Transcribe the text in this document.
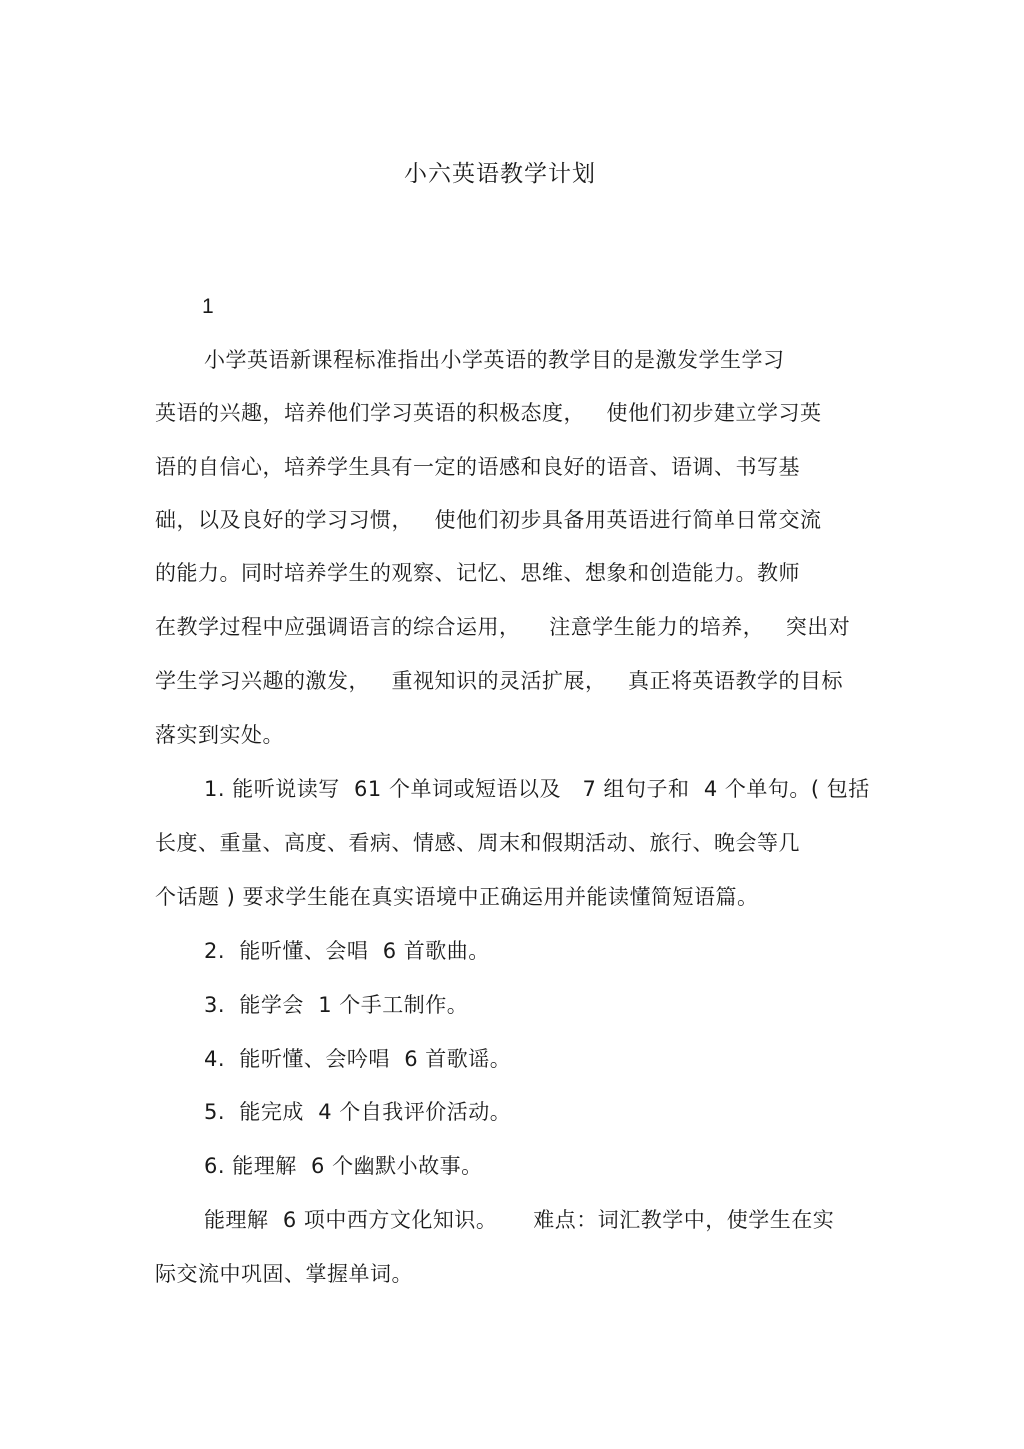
小六英语教学计划

1

小学英语新课程标准指出小学英语的教学目的是激发学生学习

英语的兴趣，培养他们学习英语的积极态度，   使他们初步建立学习英

语的自信心，培养学生具有一定的语感和良好的语音、语调、书写基

础，以及良好的学习习惯，   使他们初步具备用英语进行简单日常交流

的能力。同时培养学生的观察、记忆、思维、想象和创造能力。教师

在教学过程中应强调语言的综合运用，    注意学生能力的培养，   突出对

学生学习兴趣的激发，   重视知识的灵活扩展，   真正将英语教学的目标

落实到实处。

1. 能听说读写  61 个单词或短语以及   7 组句子和  4 个单句。( 包括

长度、重量、高度、看病、情感、周末和假期活动、旅行、晚会等几

个话题 ) 要求学生能在真实语境中正确运用并能读懂简短语篇。

2.  能听懂、会唱  6 首歌曲。

3.  能学会  1 个手工制作。

4.  能听懂、会吟唱  6 首歌谣。

5.  能完成  4 个自我评价活动。

6. 能理解  6 个幽默小故事。

能理解  6 项中西方文化知识。     难点：词汇教学中，使学生在实

际交流中巩固、掌握单词。
